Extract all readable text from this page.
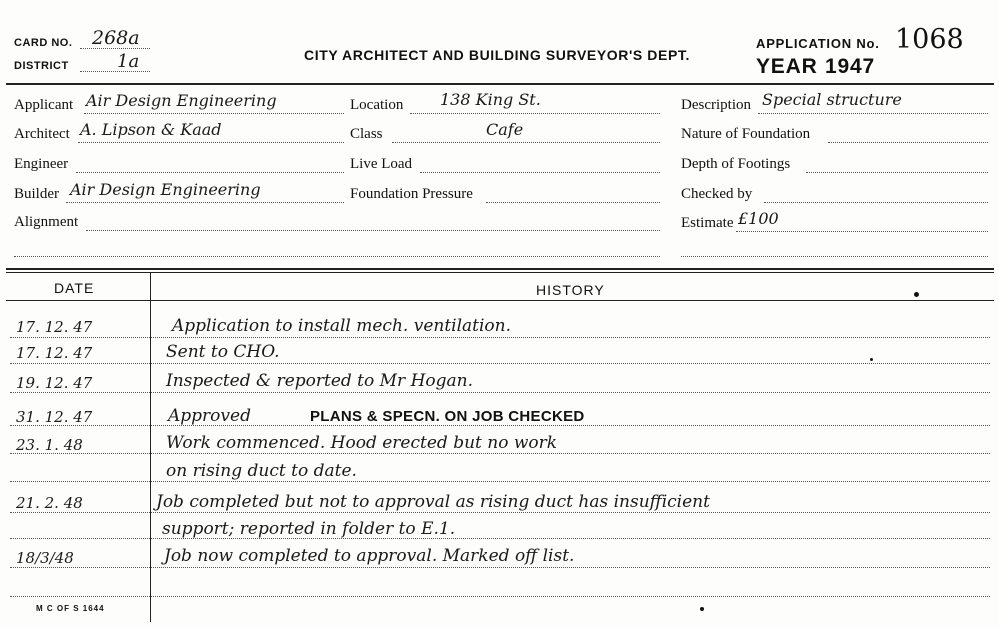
CARD NO. 268a
DISTRICT	1a	CITY ARCHITECT AND BUILDING SURVEYOR'S DEPT.
APPLICATION No. 1068
YEAR 1947
Applicant Air Design Engineering
Architect A. Lipson & Kaad
Engineer
Builder Air Design Engineering
Alignment
Location 138 King St.
Class	Cafe
Live Load
Foundation Pressure
Description Special structure
Nature of Foundation
Depth of Footings
Checked by
Estimate £100
DATE	HISTORY
17. 12. 47	Application to install mech. ventilation.
17. 12. 47	Sent to CHO.
19. 12. 47	Inspected & reported to Mr Hogan.
31. 12. 47	Approved	PLANS & SPECN. ON JOB CHECKED
23. 1. 48	Work commenced. Hood erected but no work
on rising duct to date.
21. 2. 48	Job completed but not to approval as rising duct has insufficient
support; reported in folder to E.1.
18/3/48	Job now completed to approval. Marked off list.
M C OF S 1644
